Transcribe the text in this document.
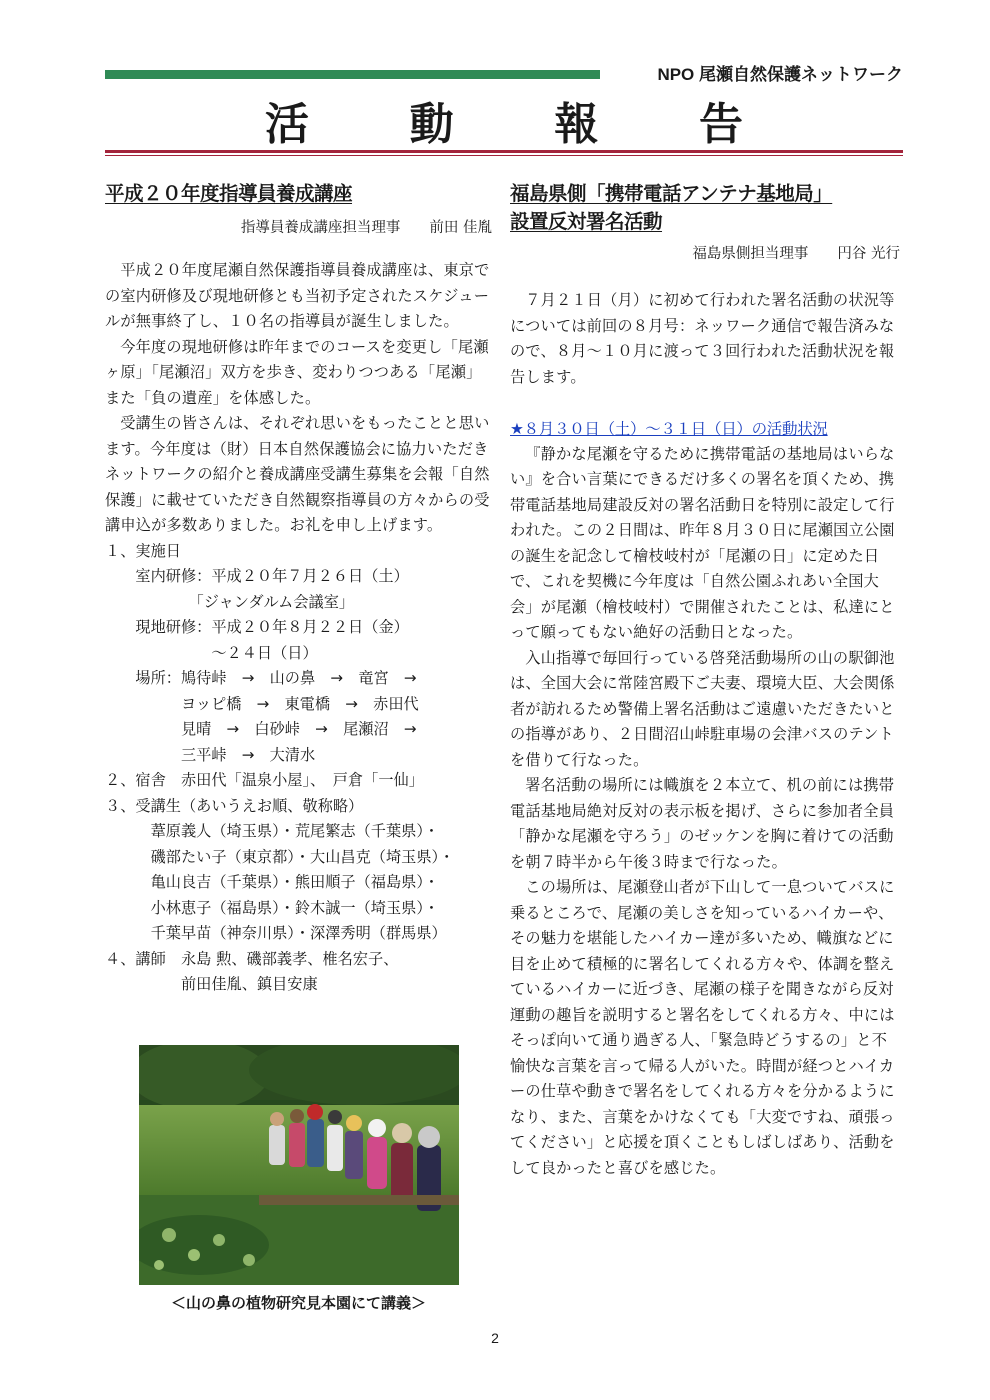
NPO 尾瀬自然保護ネットワーク
活 動 報 告
平成２０年度指導員養成講座
指導員養成講座担当理事　　前田 佳胤

平成２０年度尾瀬自然保護指導員養成講座は、東京での室内研修及び現地研修とも当初予定されたスケジュールが無事終了し、１０名の指導員が誕生しました。

今年度の現地研修は昨年までのコースを変更し「尾瀬ヶ原」「尾瀬沼」双方を歩き、変わりつつある「尾瀬」また「負の遺産」を体感した。

受講生の皆さんは、それぞれ思いをもったことと思います。今年度は（財）日本自然保護協会に協力いただきネットワークの紹介と養成講座受講生募集を会報「自然保護」に載せていただき自然観察指導員の方々からの受講申込が多数ありました。お礼を申し上げます。

１、実施日
　　室内研修：平成２０年７月２６日（土）
　　　　　　「ジャンダルム会議室」
　　現地研修：平成２０年８月２２日（金）
　　　　　　　～２４日（日）
　　場所：鳩待峠　→　山の鼻　→　竜宮　→
　　　　　ヨッピ橋　→　東電橋　→　赤田代
　　　　　見晴　→　白砂峠　→　尾瀬沼　→
　　　　　三平峠　→　大清水
２、宿舎　赤田代「温泉小屋」、　戸倉「一仙」
３、受講生（あいうえお順、敬称略）
　　　葦原義人（埼玉県）・荒尾繁志（千葉県）・
　　　磯部たい子（東京都）・大山昌克（埼玉県）・
　　　亀山良吉（千葉県）・熊田順子（福島県）・
　　　小林恵子（福島県）・鈴木誠一（埼玉県）・
　　　千葉早苗（神奈川県）・深澤秀明（群馬県）
４、講師　永島 勲、磯部義孝、椎名宏子、
　　　　　前田佳胤、鎮目安康
＜山の鼻の植物研究見本園にて講義＞
福島県側「携帯電話アンテナ基地局」
設置反対署名活動
福島県側担当理事　　円谷 光行

７月２１日（月）に初めて行われた署名活動の状況等については前回の８月号：ネッワーク通信で報告済みなので、８月～１０月に渡って３回行われた活動状況を報告します。

★８月３０日（土）～３１日（日）の活動状況

『静かな尾瀬を守るために携帯電話の基地局はいらない』を合い言葉にできるだけ多くの署名を頂くため、携帯電話基地局建設反対の署名活動日を特別に設定して行われた。この２日間は、昨年８月３０日に尾瀬国立公園の誕生を記念して檜枝岐村が「尾瀬の日」に定めた日で、これを契機に今年度は「自然公園ふれあい全国大会」が尾瀬（檜枝岐村）で開催されたことは、私達にとって願ってもない絶好の活動日となった。

入山指導で毎回行っている啓発活動場所の山の駅御池は、全国大会に常陸宮殿下ご夫妻、環境大臣、大会関係者が訪れるため警備上署名活動はご遠慮いただきたいとの指導があり、２日間沼山峠駐車場の会津バスのテントを借りて行なった。

署名活動の場所には幟旗を２本立て、机の前には携帯電話基地局絶対反対の表示板を掲げ、さらに参加者全員「静かな尾瀬を守ろう」のゼッケンを胸に着けての活動を朝７時半から午後３時まで行なった。

この場所は、尾瀬登山者が下山して一息ついてバスに乗るところで、尾瀬の美しさを知っているハイカーや、その魅力を堪能したハイカー達が多いため、幟旗などに目を止めて積極的に署名してくれる方々や、体調を整えているハイカーに近づき、尾瀬の様子を聞きながら反対運動の趣旨を説明すると署名をしてくれる方々、中にはそっぽ向いて通り過ぎる人、「緊急時どうするの」と不愉快な言葉を言って帰る人がいた。時間が経つとハイカーの仕草や動きで署名をしてくれる方々を分かるようになり、また、言葉をかけなくても「大変ですね、頑張ってください」と応援を頂くこともしばしばあり、活動をして良かったと喜びを感じた。

2
